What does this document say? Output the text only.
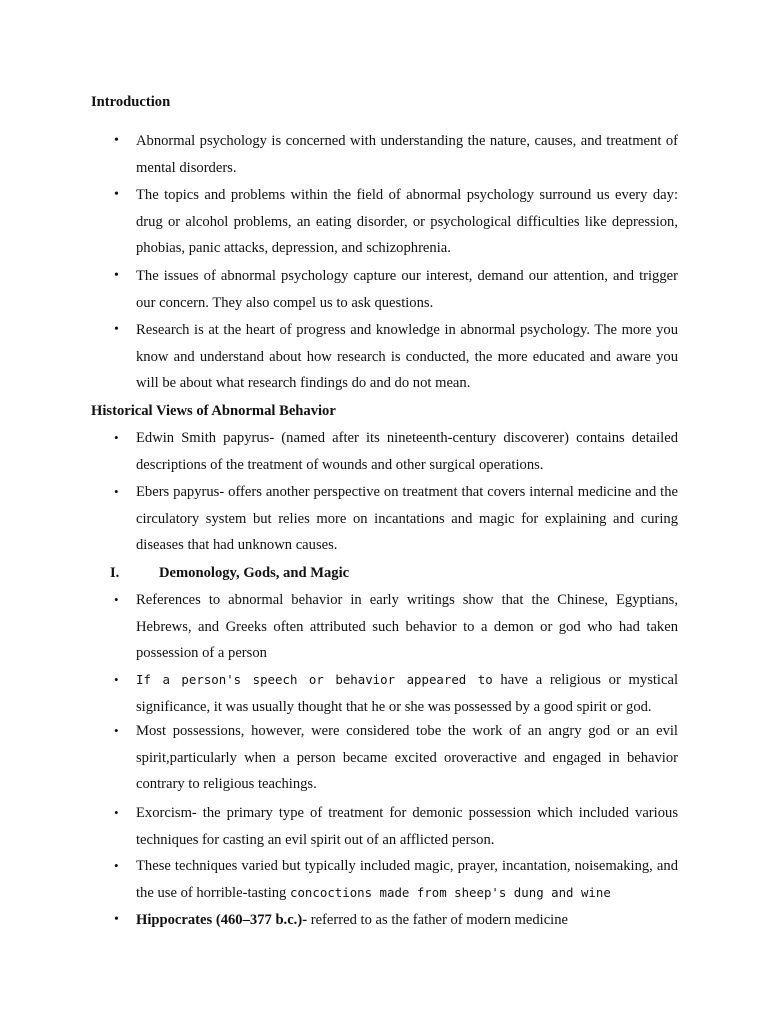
Introduction
•	Abnormal psychology is concerned with understanding the nature, causes, and treatment of mental disorders.
•	The topics and problems within the field of abnormal psychology surround us every day: drug or alcohol problems, an eating disorder, or psychological difficulties like depression, phobias, panic attacks, depression, and schizophrenia.
•	The issues of abnormal psychology capture our interest, demand our attention, and trigger our concern. They also compel us to ask questions.
•	Research is at the heart of progress and knowledge in abnormal psychology. The more you know and understand about how research is conducted, the more educated and aware you will be about what research findings do and do not mean.
Historical Views of Abnormal Behavior
•	Edwin Smith papyrus- (named after its nineteenth-century discoverer) contains detailed descriptions of the treatment of wounds and other surgical operations.
•	Ebers papyrus- offers another perspective on treatment that covers internal medicine and the circulatory system but relies more on incantations and magic for explaining and curing diseases that had unknown causes.
I.	Demonology, Gods, and Magic
•	References to abnormal behavior in early writings show that the Chinese, Egyptians, Hebrews, and Greeks often attributed such behavior to a demon or god who had taken possession of a person
•	If a person's speech or behavior appeared to have a religious or mystical significance, it was usually thought that he or she was possessed by a good spirit or god.
•	Most possessions, however, were considered tobe the work of an angry god or an evil spirit,particularly when a person became excited oroveractive and engaged in behavior contrary to religious teachings.
•	Exorcism- the primary type of treatment for demonic possession which included various techniques for casting an evil spirit out of an afflicted person.
•	These techniques varied but typically included magic, prayer, incantation, noisemaking, and the use of horrible-tasting concoctions made from sheep's dung and wine
•	Hippocrates (460–377 b.c.)- referred to as the father of modern medicine
